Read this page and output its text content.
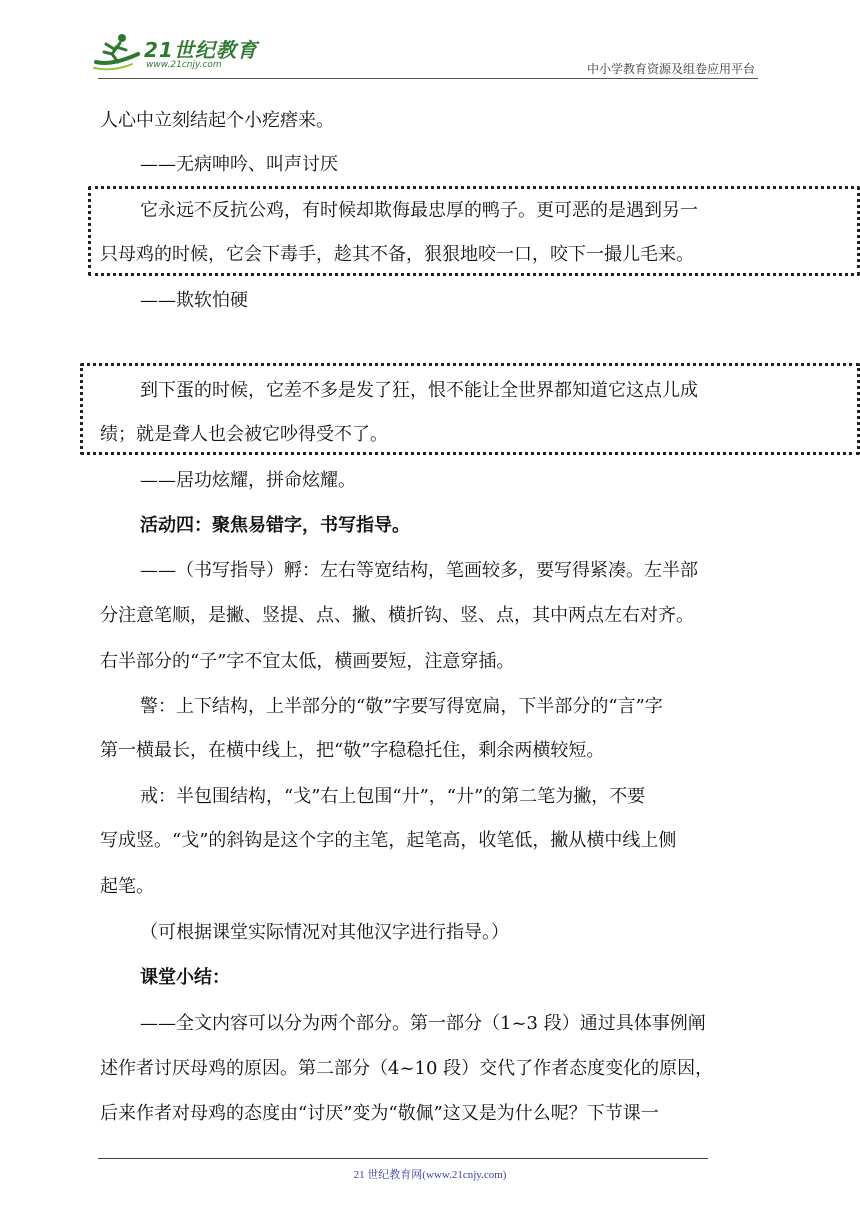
21世纪教育
www.21cnjy.com	中小学教育资源及组卷应用平台
人心中立刻结起个小疙瘩来。
——无病呻吟、叫声讨厌
它永远不反抗公鸡，有时候却欺侮最忠厚的鸭子。更可恶的是遇到另一
只母鸡的时候，它会下毒手，趁其不备，狠狠地咬一口，咬下一撮儿毛来。
——欺软怕硬
到下蛋的时候，它差不多是发了狂，恨不能让全世界都知道它这点儿成
绩；就是聋人也会被它吵得受不了。
——居功炫耀，拼命炫耀。
活动四：聚焦易错字，书写指导。
——（书写指导）孵：左右等宽结构，笔画较多，要写得紧凑。左半部
分注意笔顺，是撇、竖提、点、撇、横折钩、竖、点，其中两点左右对齐。
右半部分的“子”字不宜太低，横画要短，注意穿插。
警：上下结构，上半部分的“敬”字要写得宽扁，下半部分的“言”字
第一横最长，在横中线上，把“敬”字稳稳托住，剩余两横较短。
戒：半包围结构，“戈”右上包围“廾”，“廾”的第二笔为撇，不要
写成竖。“戈”的斜钩是这个字的主笔，起笔高，收笔低，撇从横中线上侧
起笔。
（可根据课堂实际情况对其他汉字进行指导。）
课堂小结：
——全文内容可以分为两个部分。第一部分（1~3 段）通过具体事例阐
述作者讨厌母鸡的原因。第二部分（4~10 段）交代了作者态度变化的原因，
后来作者对母鸡的态度由“讨厌”变为“敬佩”这又是为什么呢？下节课一
21 世纪教育网(www.21cnjy.com)
